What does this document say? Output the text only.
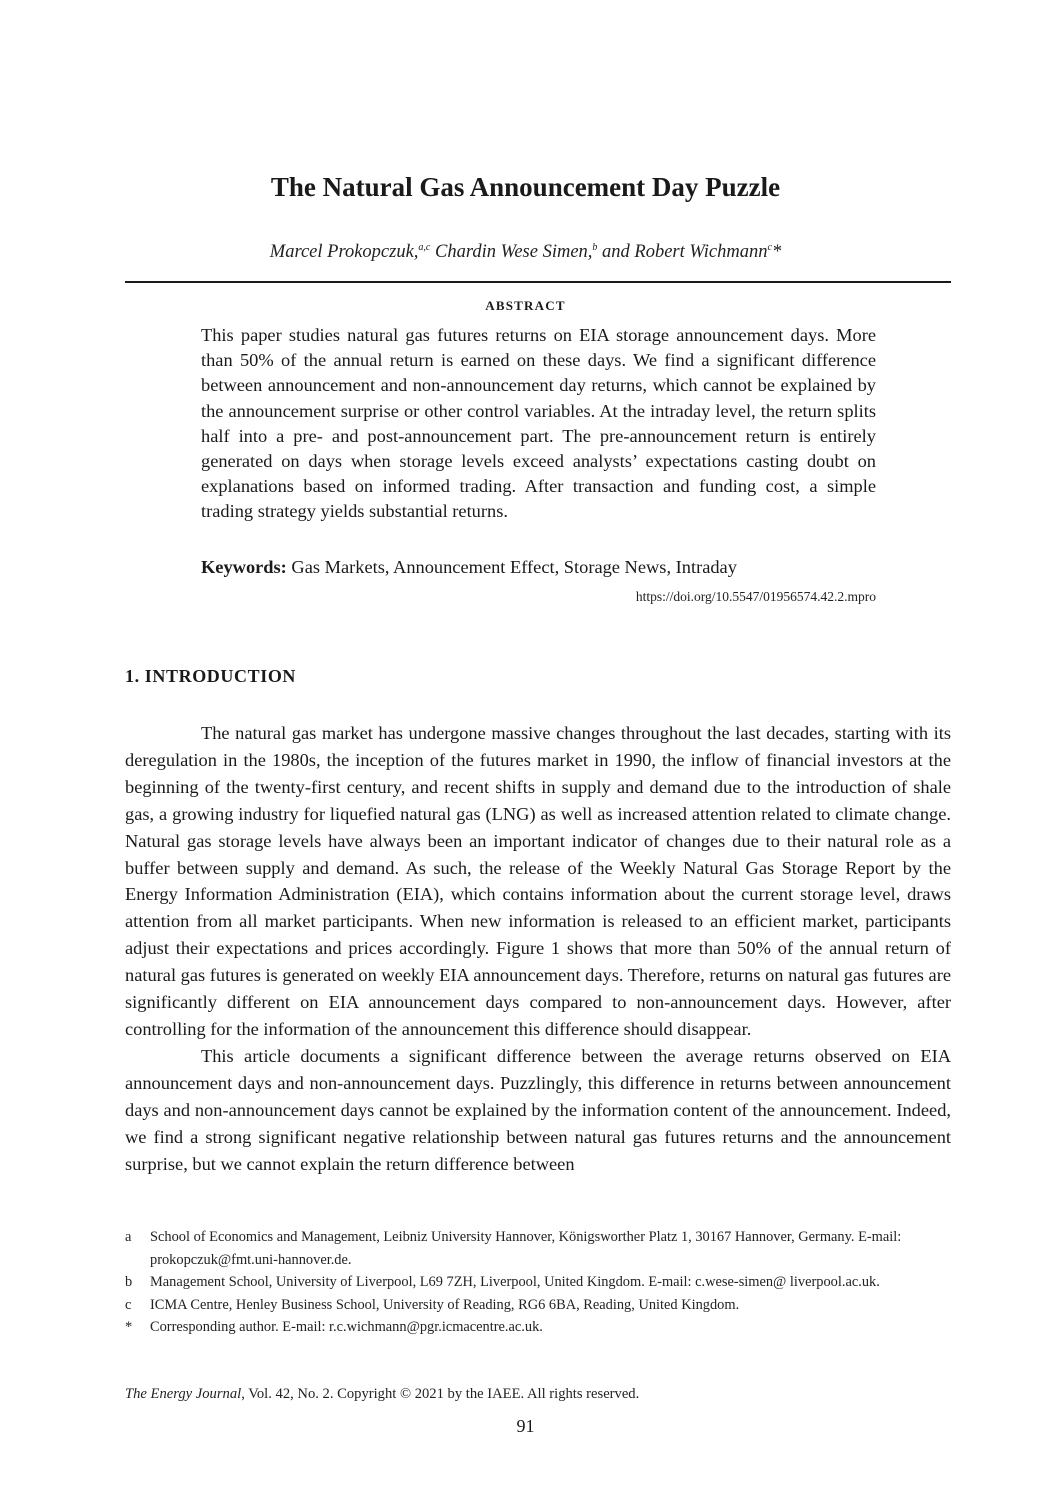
The Natural Gas Announcement Day Puzzle
Marcel Prokopczuk,$^{a,c}$ Chardin Wese Simen,$^b$ and Robert Wichmann$^c$*
ABSTRACT

This paper studies natural gas futures returns on EIA storage announcement days. More than 50% of the annual return is earned on these days. We find a significant difference between announcement and non-announcement day returns, which cannot be explained by the announcement surprise or other control variables. At the intraday level, the return splits half into a pre- and post-announcement part. The pre-announcement return is entirely generated on days when storage levels exceed analysts’ expectations casting doubt on explanations based on informed trading. After transaction and funding cost, a simple trading strategy yields substantial returns.

Keywords: Gas Markets, Announcement Effect, Storage News, Intraday

https://doi.org/10.5547/01956574.42.2.mpro
1. INTRODUCTION

The natural gas market has undergone massive changes throughout the last decades, starting with its deregulation in the 1980s, the inception of the futures market in 1990, the inflow of financial investors at the beginning of the twenty-first century, and recent shifts in supply and demand due to the introduction of shale gas, a growing industry for liquefied natural gas (LNG) as well as increased attention related to climate change. Natural gas storage levels have always been an important indicator of changes due to their natural role as a buffer between supply and demand. As such, the release of the Weekly Natural Gas Storage Report by the Energy Information Administration (EIA), which contains information about the current storage level, draws attention from all market participants. When new information is released to an efficient market, participants adjust their expectations and prices accordingly. Figure 1 shows that more than 50% of the annual return of natural gas futures is generated on weekly EIA announcement days. Therefore, returns on natural gas futures are significantly different on EIA announcement days compared to non-announcement days. However, after controlling for the information of the announcement this difference should disappear.

This article documents a significant difference between the average returns observed on EIA announcement days and non-announcement days. Puzzlingly, this difference in returns between announcement days and non-announcement days cannot be explained by the information content of the announcement. Indeed, we find a strong significant negative relationship between natural gas futures returns and the announcement surprise, but we cannot explain the return difference between

a	School of Economics and Management, Leibniz University Hannover, Königsworther Platz 1, 30167 Hannover, Germany. E-mail: prokopczuk@fmt.uni-hannover.de.
b	Management School, University of Liverpool, L69 7ZH, Liverpool, United Kingdom. E-mail: c.wese-simen@ liverpool.ac.uk.
c	ICMA Centre, Henley Business School, University of Reading, RG6 6BA, Reading, United Kingdom.
*	Corresponding author. E-mail: r.c.wichmann@pgr.icmacentre.ac.uk.
The Energy Journal, Vol. 42, No. 2. Copyright © 2021 by the IAEE. All rights reserved.
91
